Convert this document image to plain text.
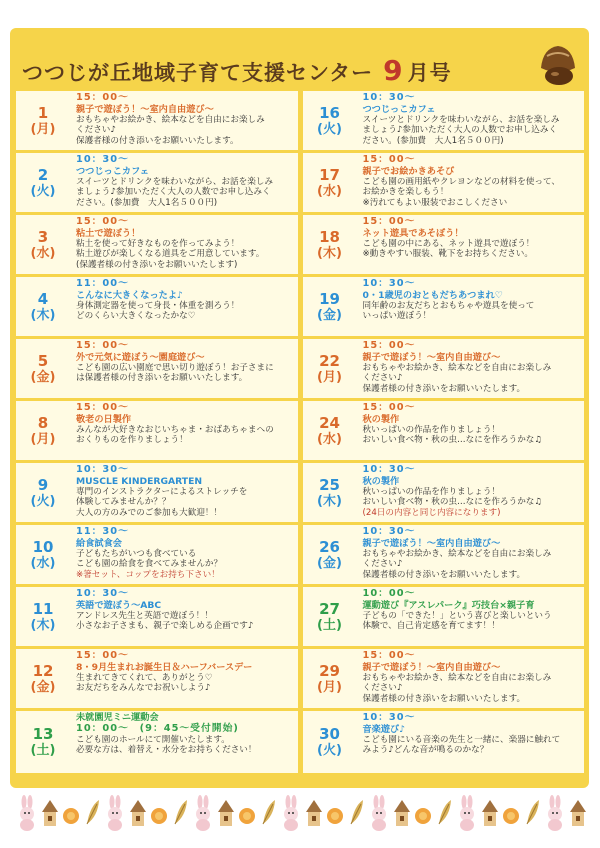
つつじが丘地域子育て支援センター 9 月号
1
(月)
15：00～
親子で遊ぼう！～室内自由遊び～
おもちゃやお絵かき、絵本などを自由にお楽しみ
ください♪
保護者様の付き添いをお願いいたします。
2
(火)
10：30～
つつじっこカフェ
スイーツとドリンクを味わいながら、お話を楽しみ
ましょう♪参加いただく大人の人数でお申し込みく
ださい。(参加費　大人1名５００円)
3
(水)
15：00～
粘土で遊ぼう！
粘土を使って好きなものを作ってみよう！
粘土遊びが楽しくなる道具をご用意しています。
(保護者様の付き添いをお願いいたします)
4
(木)
11：00～
こんなに大きくなったよ♪
身体測定器を使って身長・体重を測ろう！
どのくらい大きくなったかな♡
5
(金)
15：00～
外で元気に遊ぼう～園庭遊び～
こども園の広い園庭で思い切り遊ぼう！お子さまに
は保護者様の付き添いをお願いいたします。
8
(月)
15：00～
敬老の日製作
みんなが大好きなおじいちゃま・おばあちゃまへの
おくりものを作りましょう！
9
(火)
10：30～
MUSCLE KINDERGARTEN
専門のインストラクターによるストレッチを
体験してみませんか？？
大人の方のみでのご参加も大歓迎！！
10
(水)
11：30～
給食試食会
子どもたちがいつも食べている
こども園の給食を食べてみませんか？
※箸セット、コップをお持ち下さい！
11
(木)
10：30～
英語で遊ぼう～ABC
アンドレス先生と英語で遊ぼう！！
小さなお子さまも、親子で楽しめる企画です♪
12
(金)
15：00～
8・9月生まれお誕生日＆ハーフバースデー
生まれてきてくれて、ありがとう♡
お友だちをみんなでお祝いしよう♪
13
(土)
未就園児ミニ運動会
10：00～　(9：45～受付開始)
こども園のホールにて開催いたします。
必要な方は、着替え・水分をお持ちください！
16
(火)
10：30～
つつじっこカフェ
スイーツとドリンクを味わいながら、お話を楽しみ
ましょう♪参加いただく大人の人数でお申し込みく
ださい。(参加費　大人1名５００円)
17
(水)
15：00～
親子でお絵かきあそび
こども園の画用紙やクレヨンなどの材料を使って、
お絵かきを楽しもう！
※汚れてもよい服装でおこしください
18
(木)
15：00～
ネット遊具であそぼう！
こども園の中にある、ネット遊具で遊ぼう！
※動きやすい服装、靴下をお持ちください。
19
(金)
10：30～
0・1歳児のおともだちあつまれ♡
同年齢のお友だちとおもちゃや遊具を使って
いっぱい遊ぼう！
22
(月)
15：00～
親子で遊ぼう！～室内自由遊び～
おもちゃやお絵かき、絵本などを自由にお楽しみ
ください♪
保護者様の付き添いをお願いいたします。
24
(水)
15：00～
秋の製作
秋いっぱいの作品を作りましょう！
おいしい食べ物・秋の虫…なにを作ろうかな♫
25
(木)
10：30～
秋の製作
秋いっぱいの作品を作りましょう！
おいしい食べ物・秋の虫…なにを作ろうかな♫
(24日の内容と同じ内容になります)
26
(金)
10：30～
親子で遊ぼう！～室内自由遊び～
おもちゃやお絵かき、絵本などを自由にお楽しみ
ください♪
保護者様の付き添いをお願いいたします。
27
(土)
10：00～
運動遊び『アスレパーク』巧技台×親子育
子どもの「できた！」という喜びと楽しいという
体験で、自己肯定感を育てます！！
29
(月)
15：00～
親子で遊ぼう！～室内自由遊び～
おもちゃやお絵かき、絵本などを自由にお楽しみ
ください♪
保護者様の付き添いをお願いいたします。
30
(火)
10：30～
音楽遊び♪
こども園にいる音楽の先生と一緒に、楽器に触れて
みよう♪どんな音が鳴るのかな？
